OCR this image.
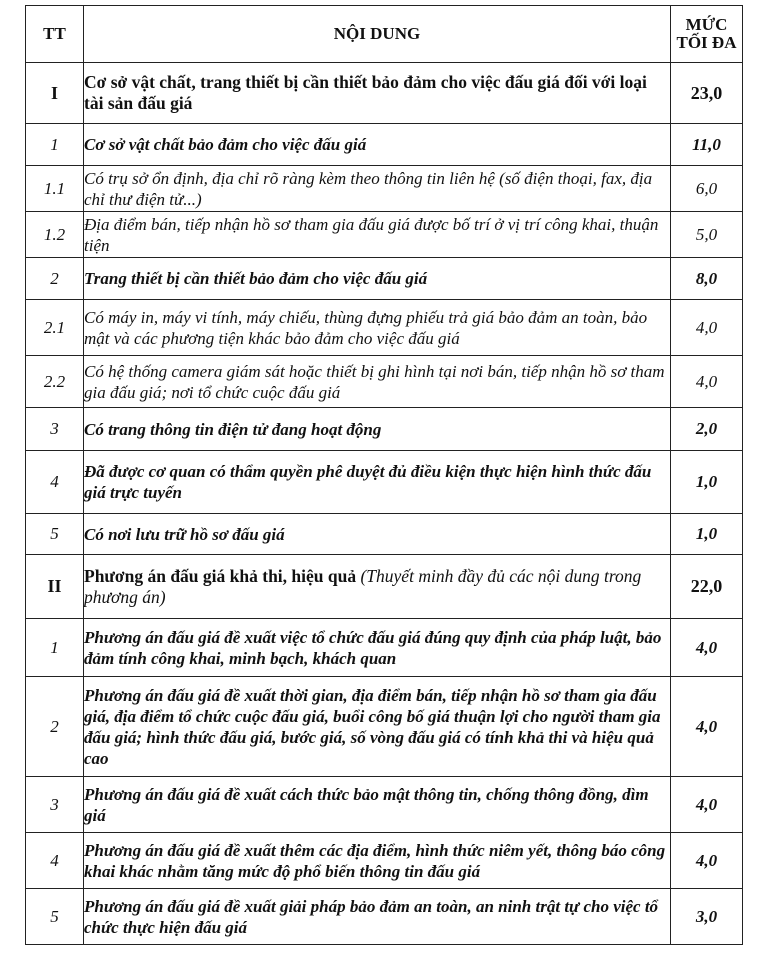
TT	NỘI DUNG	MỨC
TỐI ĐA
I	Cơ sở vật chất, trang thiết bị cần thiết bảo đảm cho việc đấu giá đối với loại tài sản đấu giá	23,0
1	Cơ sở vật chất bảo đảm cho việc đấu giá	11,0
1.1	Có trụ sở ổn định, địa chỉ rõ ràng kèm theo thông tin liên hệ (số điện thoại, fax, địa chỉ thư điện tử...)	6,0
1.2	Địa điểm bán, tiếp nhận hồ sơ tham gia đấu giá được bố trí ở vị trí công khai, thuận tiện	5,0
2	Trang thiết bị cần thiết bảo đảm cho việc đấu giá	8,0
2.1	Có máy in, máy vi tính, máy chiếu, thùng đựng phiếu trả giá bảo đảm an toàn, bảo mật và các phương tiện khác bảo đảm cho việc đấu giá	4,0
2.2	Có hệ thống camera giám sát hoặc thiết bị ghi hình tại nơi bán, tiếp nhận hồ sơ tham gia đấu giá; nơi tổ chức cuộc đấu giá	4,0
3	Có trang thông tin điện tử đang hoạt động	2,0
4	Đã được cơ quan có thẩm quyền phê duyệt đủ điều kiện thực hiện hình thức đấu giá trực tuyến	1,0
5	Có nơi lưu trữ hồ sơ đấu giá	1,0
II	Phương án đấu giá khả thi, hiệu quả (Thuyết minh đầy đủ các nội dung trong phương án)	22,0
1	Phương án đấu giá đề xuất việc tổ chức đấu giá đúng quy định của pháp luật, bảo đảm tính công khai, minh bạch, khách quan	4,0
2	Phương án đấu giá đề xuất thời gian, địa điểm bán, tiếp nhận hồ sơ tham gia đấu giá, địa điểm tổ chức cuộc đấu giá, buổi công bố giá thuận lợi cho người tham gia đấu giá; hình thức đấu giá, bước giá, số vòng đấu giá có tính khả thi và hiệu quả cao	4,0
3	Phương án đấu giá đề xuất cách thức bảo mật thông tin, chống thông đồng, dìm giá	4,0
4	Phương án đấu giá đề xuất thêm các địa điểm, hình thức niêm yết, thông báo công khai khác nhằm tăng mức độ phổ biến thông tin đấu giá	4,0
5	Phương án đấu giá đề xuất giải pháp bảo đảm an toàn, an ninh trật tự cho việc tổ chức thực hiện đấu giá	3,0
